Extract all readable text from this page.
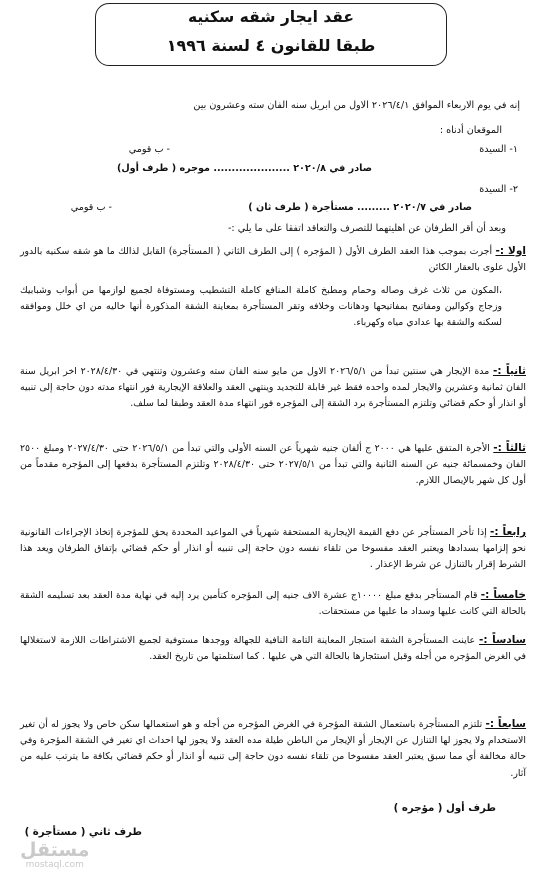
عقد ايجار شقه سكنيه
طبقا للقانون ٤ لسنة ١٩٩٦
إنه في يوم الاربعاء الموافق ٢٠٢٦/٤/١ الاول من ابريل سنه الفان سته وعشرون بين
الموقعان أدناه :
١- السيدة
- ب قومي
صادر في ٢٠٢٠/٨ ..................... موجره ( طرف أول)
٢- السيدة
- ب قومي	صادر في ٢٠٢٠/٧ ......... مستأجرة ( طرف ثان )
وبعد أن أقر الطرفان عن اهليتهما للتصرف والتعاقد اتفقا على ما يلي :-
اولا :- أجرت بموجب هذا العقد الطرف الأول ( المؤجره ) إلى الطرف الثاني ( المستأجرة) القابل لذالك ما هو شقه سكنيه بالدور الأول علوى بالعقار الكائن
،المكون من ثلاث غرف وصاله وحمام ومطبخ كاملة المنافع كاملة التشطيب ومستوفاة لجميع لوازمها من أبواب وشبابيك وزجاج وكوالين ومفاتيح بمفاتيحها ودهانات وخلافه وتقر المستأجرة بمعاينة الشقة المذكورة أنها خاليه من اي خلل وموافقه لسكنه والشقة بها عدادي مياه وكهرباء.
ثانياً :- مدة الإيجار هي سنتين تبدأ من ٢٠٢٦/٥/١ الاول من مايو سنه الفان سته وعشرون وتنتهي في ٢٠٢٨/٤/٣٠ اخر ابريل سنة الفان ثمانية وعشرين والايجار لمده واحده فقط غير قابلة للتجديد وينتهي العقد والعلاقة الإيجارية فور انتهاء مدته دون حاجة إلى تنبيه أو انذار أو حكم قضائي وتلتزم المستأجرة برد الشقة إلى المؤجره فور انتهاء مدة العقد وطبقا لما سلف.
ثالثاً :- الأجرة المتفق عليها هي ٢٠٠٠ ج ألفان جنيه شهرياً عن السنه الأولى والتي تبدأ من ٢٠٢٦/٥/١ حتى ٢٠٢٧/٤/٣٠ ومبلغ ٢٥٠٠ الفان وخمسمائة جنيه عن السنه الثانية والتي تبدأ من ٢٠٢٧/٥/١ حتى ٢٠٢٨/٤/٣٠ وتلتزم المستأجرة بدفعها إلى المؤجره مقدماً من أول كل شهر بالإيصال اللازم.
رابعاً :- إذا تأخر المستأجر عن دفع القيمة الإيجارية المستحقة شهرياً في المواعيد المحددة يحق للمؤجرة إتخاذ الإجراءات القانونية نحو إلزامها بسدادها ويعتبر العقد مفسوخا من تلقاء نفسه دون حاجة إلى تنبيه أو انذار أو حكم قضائي بإتفاق الطرفان ويعد هذا الشرط إقرار بالتنازل عن شرط الإعذار .
خامساً :- قام المستأجر بدفع مبلغ ١٠٠٠٠ج عشرة الاف جنيه إلى المؤجره كتأمين يرد إليه في نهاية مدة العقد بعد تسليمه الشقة بالحالة التي كانت عليها وسداد ما عليها من مستحقات.
سادساً :- عاينت المستأجرة الشقة استجار المعاينة التامة النافية للجهالة ووجدها مستوفية لجميع الاشتراطات اللازمة لاستغلالها في الغرض المؤجره من أجله وقبل استئجارها بالحالة التي هي عليها . كما استلمتها من تاريخ العقد.
سابعاً :- تلتزم المستأجرة باستعمال الشقة المؤجرة في الغرض المؤجره من أجله و هو استعمالها سكن خاص ولا يجوز له أن تغير الاستخدام ولا يجوز لها التنازل عن الإيجار أو الإيجار من الباطن طيلة مده العقد ولا يجوز لها احداث اي تغير في الشقة المؤجرة وفي حالة مخالفة أي مما سبق يعتبر العقد مفسوخا من تلقاء نفسه دون حاجة إلى تنبيه أو انذار أو حكم قضائي بكافة ما يترتب عليه من آثار.
طرف أول ( مؤجره )
طرف ثاني ( مستأجرة )
مستقل
mostaql.com
